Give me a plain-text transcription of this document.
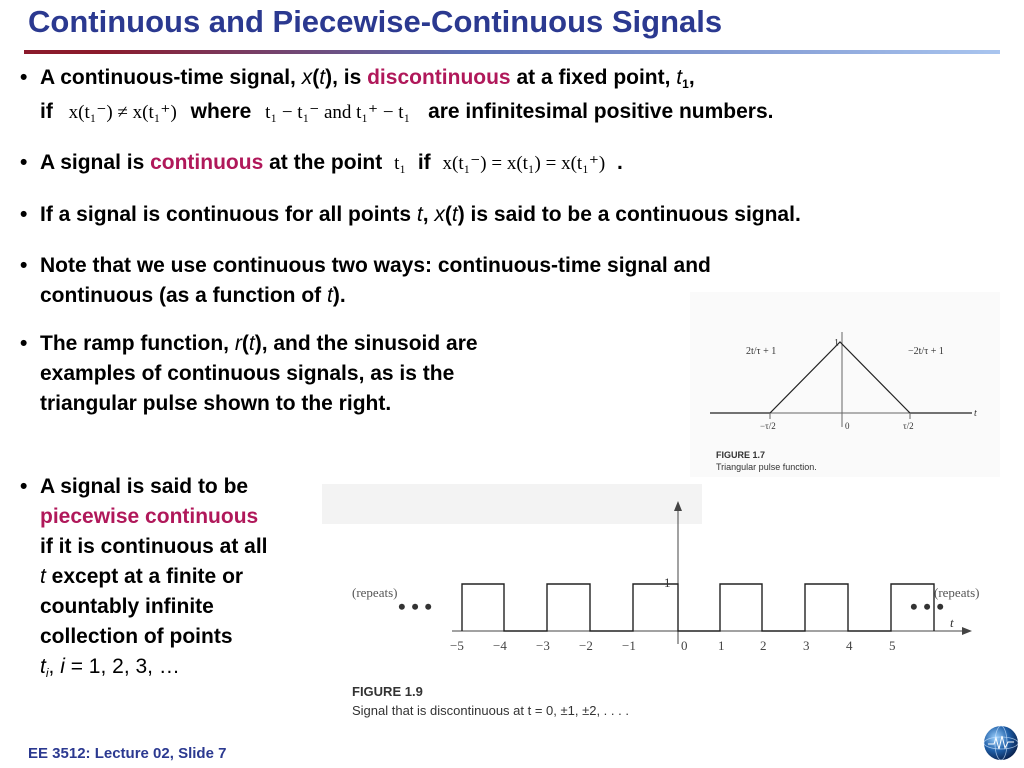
Continuous and Piecewise-Continuous Signals
• A continuous-time signal, x(t), is discontinuous at a fixed point, $t_1$,
if x(t₁⁻) ≠ x(t₁⁺) where t₁ − t₁⁻ and t₁⁺ − t₁ are infinitesimal positive numbers.
• A signal is continuous at the point t₁ if x(t₁⁻) = x(t₁) = x(t₁⁺) .
• If a signal is continuous for all points t, x(t) is said to be a continuous signal.
• Note that we use continuous two ways: continuous-time signal and
continuous (as a function of t).
• The ramp function, r(t), and the sinusoid are
examples of continuous signals, as is the
triangular pulse shown to the right.
• A signal is said to be
piecewise continuous
if it is continuous at all
t except at a finite or
countably infinite
collection of points
$t_i$, i = 1, 2, 3, …
2t/τ + 1	−2t/τ + 1
1
t
−τ/2	0	τ/2
FIGURE 1.7
Triangular pulse function.
1
(repeats)	(repeats)
• • •	• • •
t
−5 −4 −3 −2 −1	0 1	2	3	4	5
FIGURE 1.9
Signal that is discontinuous at t = 0, ±1, ±2, . . . .
EE 3512: Lecture 02, Slide 7
